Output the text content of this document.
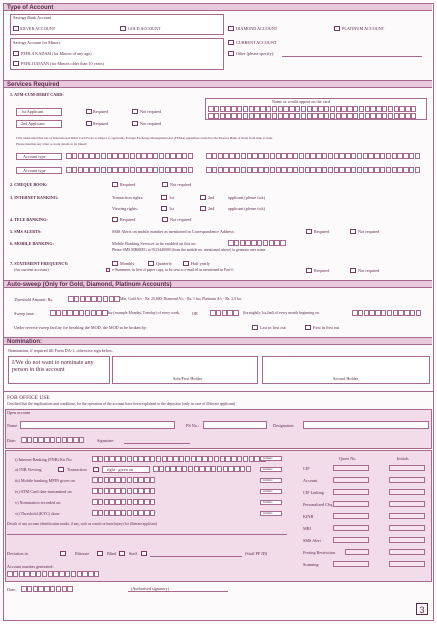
Type of Account
Savings Bank Account
SILVER ACCOUNT	GOLD ACCOUNT	DIAMOND ACCOUNT	PLATINUM ACCOUNT
Savings Account for Minors
PEHLA KADAM (for Minors of any age)
PEHLI UDAAN (for Minors older than 10 years)
CURRENT ACCOUNT
Other (please specify):
Services Required
1. ATM-CUM-DEBIT CARD:
Name as would appear on the card
1st Applicant	Required	Not required
2nd Applicant	Required	Not required
I/We understand that use of International Debit Card/Forex is subject to applicable Foreign Exchange Management Act (FEMA) guidelines issued by the Reserve Bank of India from time to time.
Please mention any other account details to be linked:
Account type
Account type
2. CHEQUE BOOK:	Required	Not required
3. INTERNET BANKING:	Transaction rights:	1st	2nd	applicant (please tick)
Viewing rights:	1st	2nd	applicant (please tick)
4. TELE BANKING:	Required	Not required
5. SMS ALERTS:	SMS Alerts on mobile number as mentioned in Correspondence Address:	Required	Not required
6. MOBILE BANKING:	Mobile Banking Services to be enabled on this no.
Please SMS MBSREG to 9223440000 (from the mobile no. mentioned above) to generate user name
7. STATEMENT FREQUENCY:
(for current account)
Monthly	Quarterly	Half yearly
e-Statement, in lieu of paper copy, to be sent to e-mail id as mentioned in Part-I:	Required	Not required
Auto-sweep (Only for Gold, Diamond, Platinum Accounts)
Threshold Amount: Rs.	Min. Gold A/c - Rs. 25,000; Diamond A/c - Rs. 1 lac; Platinum A/c - Rs. 2.5 lac
Sweep time:	day (example Monday, Tuesday) of every week,	OR	(fortnightly 1st,2nd) of every month beginning on
Under reverse sweep facility for breaking the MOD, the MOD to be broken by:	Last in first out	First in first out
Nomination:
Nomination, if required fill Form DA-1, otherwise sign below.
I/We do not want to nominate any person in this account
Sole/First Holder	Second Holder
FOR OFFICE USE
Certified that the implications and conditions for the operation of the account have been explained to the depositor (only in case of illiterate applicant)
Open account
Name:	PS No.:	Designation:
Date:	Signature:
i) Internet Banking (PNB) Kit No.	initials
a) INB Viewing	Transaction	right - given on	initials
iii) Mobile banking MPIN given on	initials
iv) ATM Card date transmitted on	initials
v) Nomination recorded on	initials
vi) Threshold (KYC) done	initials
Details of any account identification marks, if any, such as a mole or burn/injury (for illiterate applicant)
Deviation in	Illiterate	Blind	Staff	(Staff PF ID)
Account number generated:
Quote No.	Initials
CIF
Account
CIF Linking
Personalised Chq.
KINB
MBI
SMS Alert
Posting Restriction
Scanning
Date:	(Authorised signatory)
3
